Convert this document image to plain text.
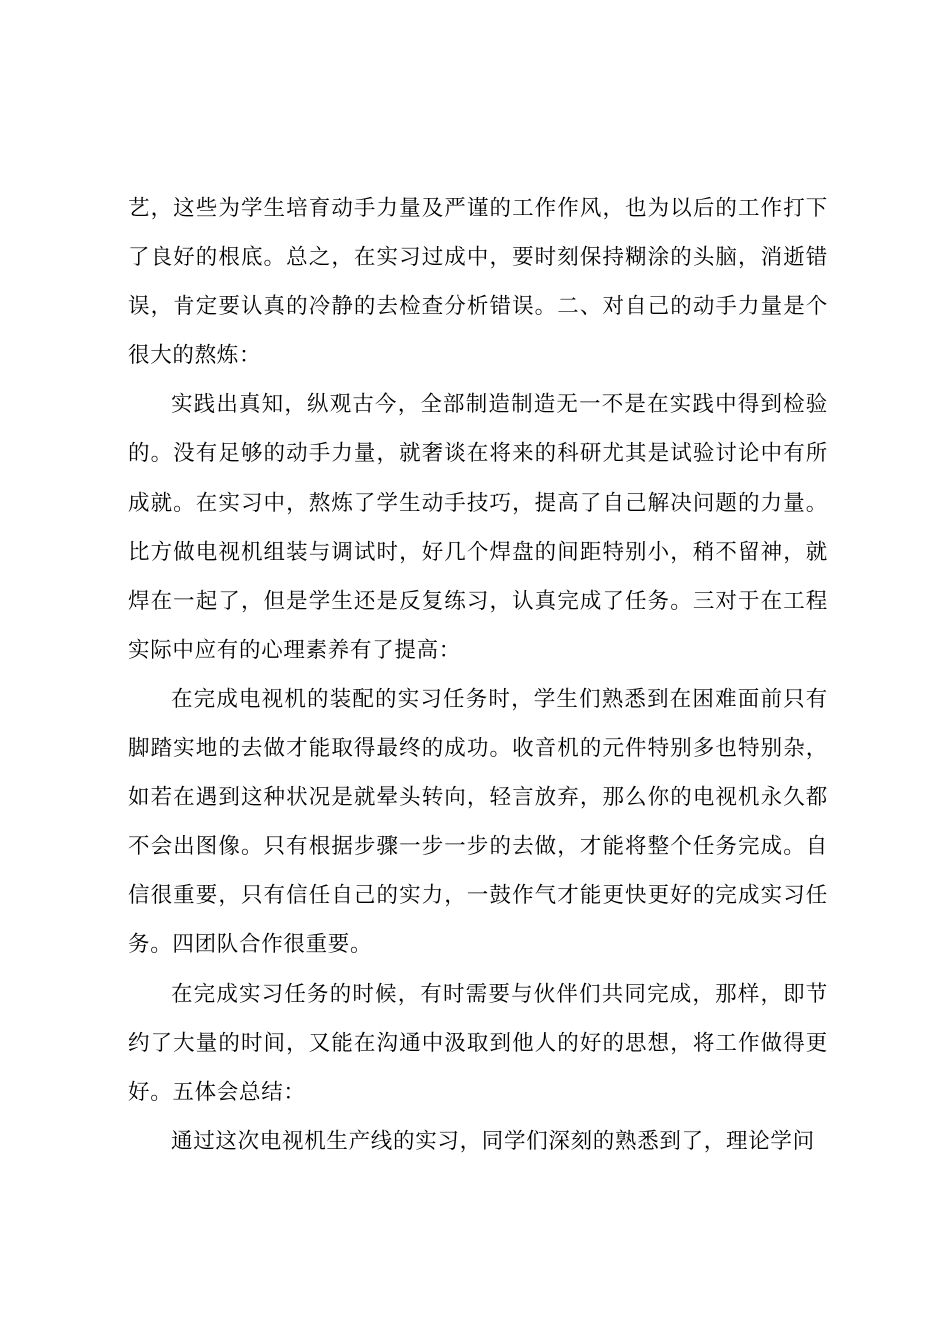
艺，这些为学生培育动手力量及严谨的工作作风，也为以后的工作打下了良好的根底。总之，在实习过成中，要时刻保持糊涂的头脑，消逝错误，肯定要认真的冷静的去检查分析错误。二、对自己的动手力量是个很大的熬炼：

实践出真知，纵观古今，全部制造制造无一不是在实践中得到检验的。没有足够的动手力量，就奢谈在将来的科研尤其是试验讨论中有所成就。在实习中，熬炼了学生动手技巧，提高了自己解决问题的力量。比方做电视机组装与调试时，好几个焊盘的间距特别小，稍不留神，就焊在一起了，但是学生还是反复练习，认真完成了任务。三对于在工程实际中应有的心理素养有了提高：

在完成电视机的装配的实习任务时，学生们熟悉到在困难面前只有脚踏实地的去做才能取得最终的成功。收音机的元件特别多也特别杂，如若在遇到这种状况是就晕头转向，轻言放弃，那么你的电视机永久都不会出图像。只有根据步骤一步一步的去做，才能将整个任务完成。自信很重要，只有信任自己的实力，一鼓作气才能更快更好的完成实习任务。四团队合作很重要。

在完成实习任务的时候，有时需要与伙伴们共同完成，那样，即节约了大量的时间，又能在沟通中汲取到他人的好的思想，将工作做得更好。五体会总结：

通过这次电视机生产线的实习，同学们深刻的熟悉到了，理论学问
